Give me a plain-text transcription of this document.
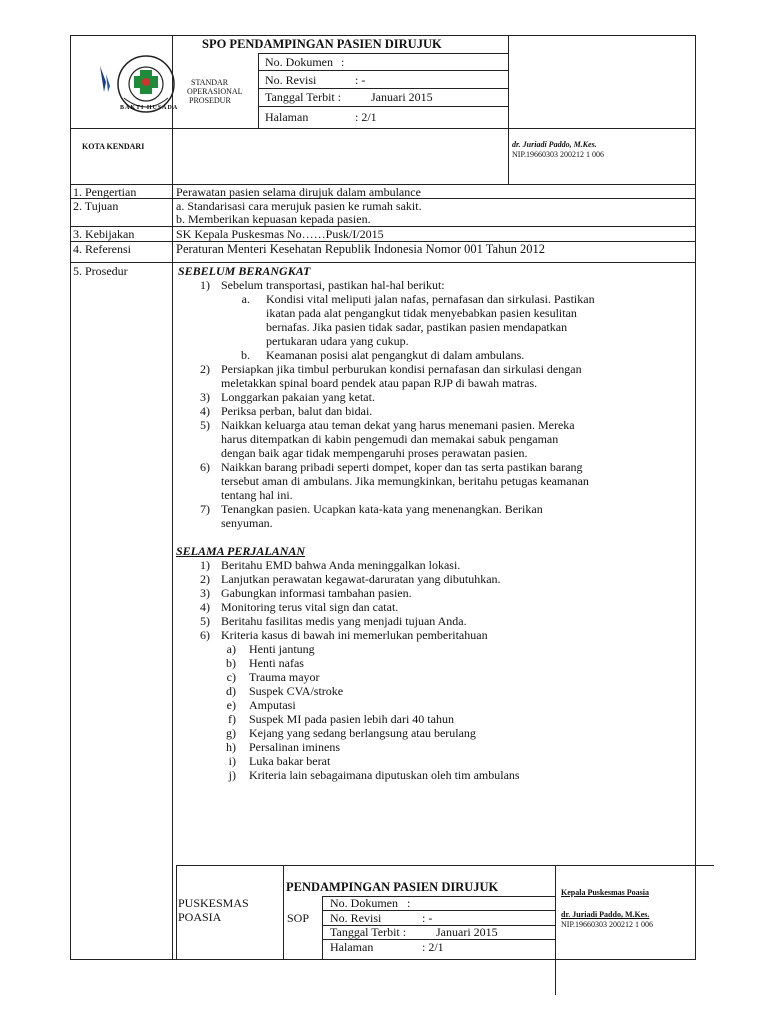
BAKTI HUSADA
STANDAR
OPERASIONAL
PROSEDUR
SPO PENDAMPINGAN PASIEN DIRUJUK
No. Dokumen :
No. Revisi	: -
Tanggal Terbit : Januari 2015
Halaman	: 2/1
KOTA KENDARI	dr. Juriadi Paddo, M.Kes.
NIP.19660303 200212 1 006
1. Pengertian	Perawatan pasien selama dirujuk dalam ambulance
2. Tujuan	a. Standarisasi cara merujuk pasien ke rumah sakit.
b. Memberikan kepuasan kepada pasien.
3. Kebijakan	SK Kepala Puskesmas No……Pusk/I/2015
4. Referensi	Peraturan Menteri Kesehatan Republik Indonesia Nomor 001 Tahun 2012
5. Prosedur	SEBELUM BERANGKAT
1) Sebelum transportasi, pastikan hal-hal berikut:
a. Kondisi vital meliputi jalan nafas, pernafasan dan sirkulasi. Pastikan
ikatan pada alat pengangkut tidak menyebabkan pasien kesulitan
bernafas. Jika pasien tidak sadar, pastikan pasien mendapatkan
pertukaran udara yang cukup.
b. Keamanan posisi alat pengangkut di dalam ambulans.
2) Persiapkan jika timbul perburukan kondisi pernafasan dan sirkulasi dengan
meletakkan spinal board pendek atau papan RJP di bawah matras.
3) Longgarkan pakaian yang ketat.
4) Periksa perban, balut dan bidai.
5) Naikkan keluarga atau teman dekat yang harus menemani pasien. Mereka
harus ditempatkan di kabin pengemudi dan memakai sabuk pengaman
dengan baik agar tidak mempengaruhi proses perawatan pasien.
6) Naikkan barang pribadi seperti dompet, koper dan tas serta pastikan barang
tersebut aman di ambulans. Jika memungkinkan, beritahu petugas keamanan
tentang hal ini.
7) Tenangkan pasien. Ucapkan kata-kata yang menenangkan. Berikan
senyuman.
SELAMA PERJALANAN
1) Beritahu EMD bahwa Anda meninggalkan lokasi.
2) Lanjutkan perawatan kegawat-daruratan yang dibutuhkan.
3) Gabungkan informasi tambahan pasien.
4) Monitoring terus vital sign dan catat.
5) Beritahu fasilitas medis yang menjadi tujuan Anda.
6) Kriteria kasus di bawah ini memerlukan pemberitahuan
a) Henti jantung
b) Henti nafas
c) Trauma mayor
d) Suspek CVA/stroke
e) Amputasi
f) Suspek MI pada pasien lebih dari 40 tahun
g) Kejang yang sedang berlangsung atau berulang
h) Persalinan iminens
i) Luka bakar berat
j) Kriteria lain sebagaimana diputuskan oleh tim ambulans
PUSKESMAS
POASIA
PENDAMPINGAN PASIEN DIRUJUK
SOP
No. Dokumen :
No. Revisi	: -
Tanggal Terbit : Januari 2015
Halaman	: 2/1
Kepala Puskesmas Poasia
dr. Juriadi Paddo, M.Kes.
NIP.19660303 200212 1 006
